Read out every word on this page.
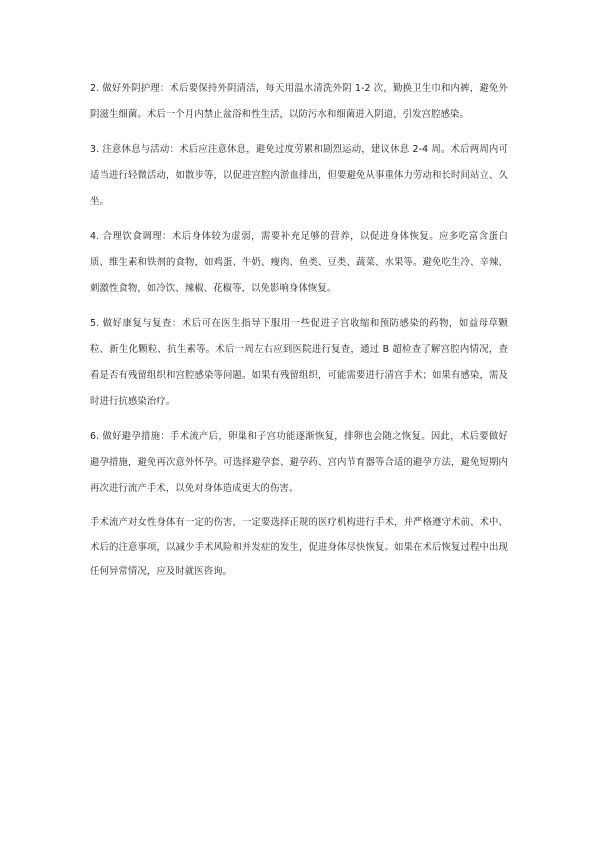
2. 做好外阴护理：术后要保持外阴清洁，每天用温水清洗外阴 1-2 次，勤换卫生巾和内裤，避免外阴滋生细菌。术后一个月内禁止盆浴和性生活，以防污水和细菌进入阴道，引发宫腔感染。

3. 注意休息与活动：术后应注意休息，避免过度劳累和剧烈运动，建议休息 2-4 周。术后两周内可适当进行轻微活动，如散步等，以促进宫腔内淤血排出，但要避免从事重体力劳动和长时间站立、久坐。

4. 合理饮食调理：术后身体较为虚弱，需要补充足够的营养，以促进身体恢复。应多吃富含蛋白质、维生素和铁剂的食物，如鸡蛋、牛奶、瘦肉、鱼类、豆类、蔬菜、水果等。避免吃生冷、辛辣、刺激性食物，如冷饮、辣椒、花椒等，以免影响身体恢复。

5. 做好康复与复查：术后可在医生指导下服用一些促进子宫收缩和预防感染的药物，如益母草颗粒、新生化颗粒、抗生素等。术后一周左右应到医院进行复查，通过 B 超检查了解宫腔内情况，查看是否有残留组织和宫腔感染等问题。如果有残留组织，可能需要进行清宫手术；如果有感染，需及时进行抗感染治疗。

6. 做好避孕措施：手术流产后，卵巢和子宫功能逐渐恢复，排卵也会随之恢复。因此，术后要做好避孕措施，避免再次意外怀孕。可选择避孕套、避孕药、宫内节育器等合适的避孕方法，避免短期内再次进行流产手术，以免对身体造成更大的伤害。

手术流产对女性身体有一定的伤害，一定要选择正规的医疗机构进行手术，并严格遵守术前、术中、术后的注意事项，以减少手术风险和并发症的发生，促进身体尽快恢复。如果在术后恢复过程中出现任何异常情况，应及时就医咨询。
